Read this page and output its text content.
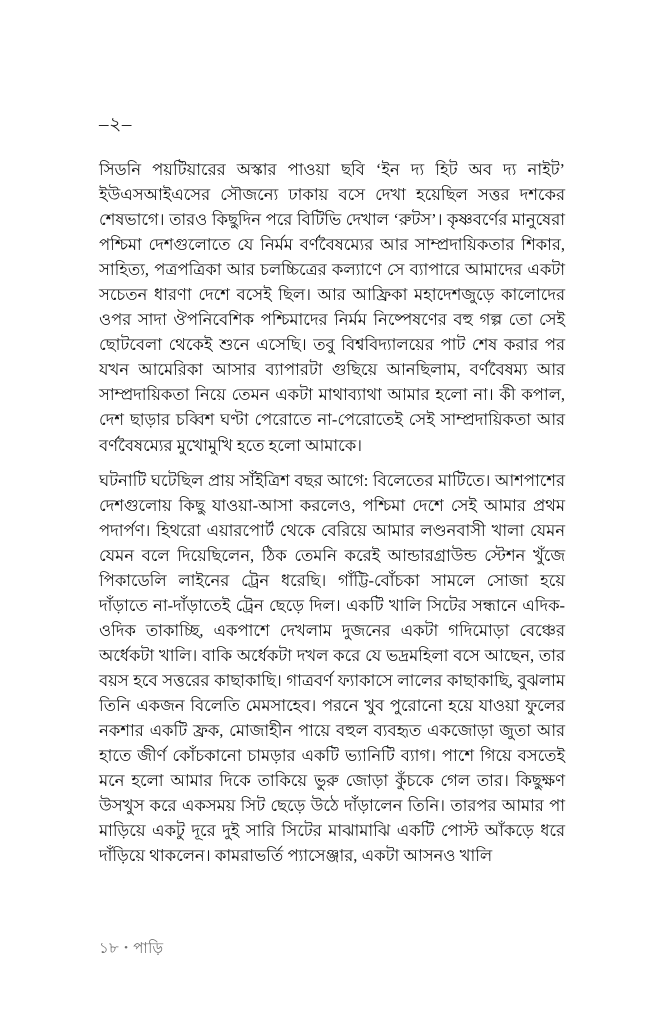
–২–

সিডনি পয়টিয়ারের অস্কার পাওয়া ছবি ‘ইন দ্য হিট অব দ্য নাইট’ ইউএসআইএসের সৌজন্যে ঢাকায় বসে দেখা হয়েছিল সত্তর দশকের শেষভাগে। তারও কিছুদিন পরে বিটিভি দেখাল ‘রুটস’। কৃষ্ণবর্ণের মানুষেরা পশ্চিমা দেশগুলোতে যে নির্মম বর্ণবৈষম্যের আর সাম্প্রদায়িকতার শিকার, সাহিত্য, পত্রপত্রিকা আর চলচ্চিত্রের কল্যাণে সে ব্যাপারে আমাদের একটা সচেতন ধারণা দেশে বসেই ছিল। আর আফ্রিকা মহাদেশজুড়ে কালোদের ওপর সাদা ঔপনিবেশিক পশ্চিমাদের নির্মম নিষ্পেষণের বহু গল্প তো সেই ছোটবেলা থেকেই শুনে এসেছি। তবু বিশ্ববিদ্যালয়ের পাট শেষ করার পর যখন আমেরিকা আসার ব্যাপারটা গুছিয়ে আনছিলাম, বর্ণবৈষম্য আর সাম্প্রদায়িকতা নিয়ে তেমন একটা মাথাব্যাথা আমার হলো না। কী কপাল, দেশ ছাড়ার চব্বিশ ঘণ্টা পেরোতে না-পেরোতেই সেই সাম্প্রদায়িকতা আর বর্ণবৈষম্যের মুখোমুখি হতে হলো আমাকে।

ঘটনাটি ঘটেছিল প্রায় সাঁইত্রিশ বছর আগে: বিলেতের মাটিতে। আশপাশের দেশগুলোয় কিছু যাওয়া-আসা করলেও, পশ্চিমা দেশে সেই আমার প্রথম পদার্পণ। হিথরো এয়ারপোর্ট থেকে বেরিয়ে আমার লণ্ডনবাসী খালা যেমন যেমন বলে দিয়েছিলেন, ঠিক তেমনি করেই আন্ডারগ্রাউন্ড স্টেশন খুঁজে পিকাডেলি লাইনের ট্রেন ধরেছি। গাঁট্টি-বোঁচকা সামলে সোজা হয়ে দাঁড়াতে না-দাঁড়াতেই ট্রেন ছেড়ে দিল। একটি খালি সিটের সন্ধানে এদিক-ওদিক তাকাচ্ছি, একপাশে দেখলাম দুজনের একটা গদিমোড়া বেঞ্চের অর্ধেকটা খালি। বাকি অর্ধেকটা দখল করে যে ভদ্রমহিলা বসে আছেন, তার বয়স হবে সত্তরের কাছাকাছি। গাত্রবর্ণ ফ্যাকাসে লালের কাছাকাছি, বুঝলাম তিনি একজন বিলেতি মেমসাহেব। পরনে খুব পুরোনো হয়ে যাওয়া ফুলের নকশার একটি ফ্রক, মোজাহীন পায়ে বহুল ব্যবহৃত একজোড়া জুতা আর হাতে জীর্ণ কোঁচকানো চামড়ার একটি ভ্যানিটি ব্যাগ। পাশে গিয়ে বসতেই মনে হলো আমার দিকে তাকিয়ে ভুরু জোড়া কুঁচকে গেল তার। কিছুক্ষণ উসখুস করে একসময় সিট ছেড়ে উঠে দাঁড়ালেন তিনি। তারপর আমার পা মাড়িয়ে একটু দূরে দুই সারি সিটের মাঝামাঝি একটি পোস্ট আঁকড়ে ধরে দাঁড়িয়ে থাকলেন। কামরাভর্তি প্যাসেঞ্জার, একটা আসনও খালি

১৮ • পাড়ি
